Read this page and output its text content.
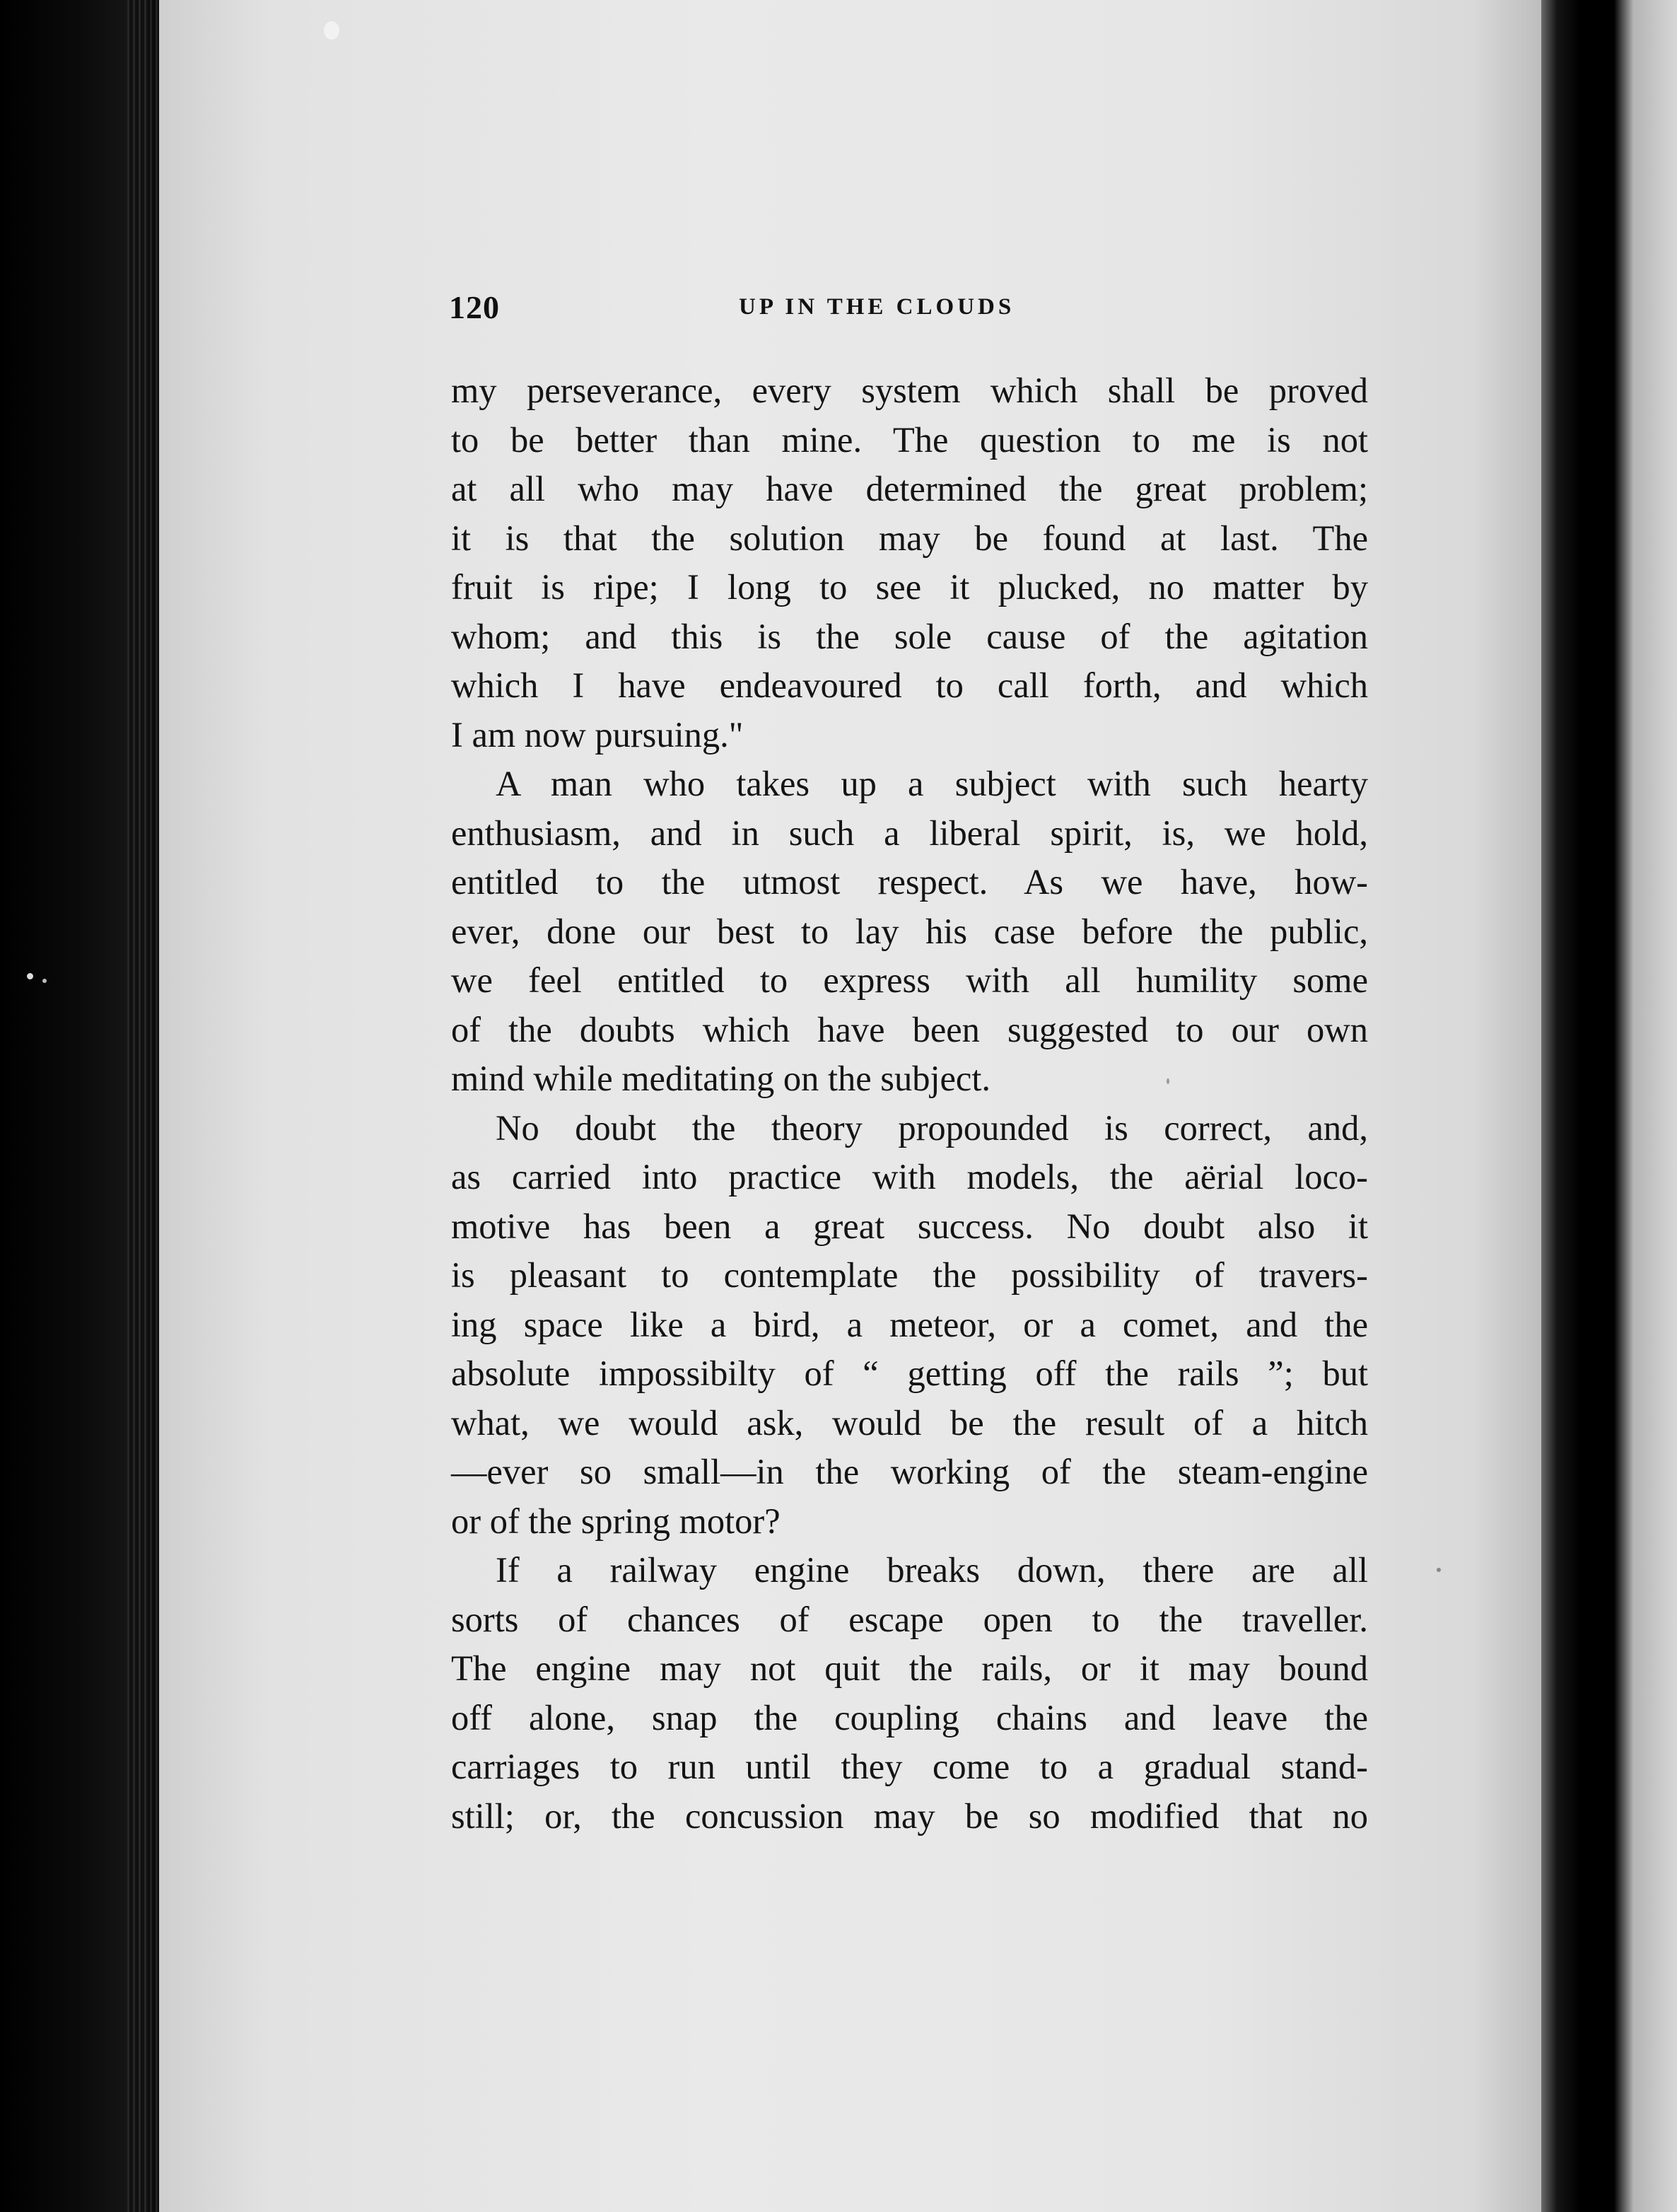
120	UP IN THE CLOUDS
my perseverance, every system which shall be proved
to be better than mine. The question to me is not
at all who may have determined the great problem;
it is that the solution may be found at last. The
fruit is ripe; I long to see it plucked, no matter by
whom; and this is the sole cause of the agitation
which I have endeavoured to call forth, and which
I am now pursuing."
A man who takes up a subject with such hearty
enthusiasm, and in such a liberal spirit, is, we hold,
entitled to the utmost respect. As we have, how-
ever, done our best to lay his case before the public,
we feel entitled to express with all humility some
of the doubts which have been suggested to our own
mind while meditating on the subject.
No doubt the theory propounded is correct, and,
as carried into practice with models, the aërial loco-
motive has been a great success. No doubt also it
is pleasant to contemplate the possibility of travers-
ing space like a bird, a meteor, or a comet, and the
absolute impossibilty of “ getting off the rails ”; but
what, we would ask, would be the result of a hitch
—ever so small—in the working of the steam-engine
or of the spring motor?
If a railway engine breaks down, there are all
sorts of chances of escape open to the traveller.
The engine may not quit the rails, or it may bound
off alone, snap the coupling chains and leave the
carriages to run until they come to a gradual stand-
still; or, the concussion may be so modified that no
